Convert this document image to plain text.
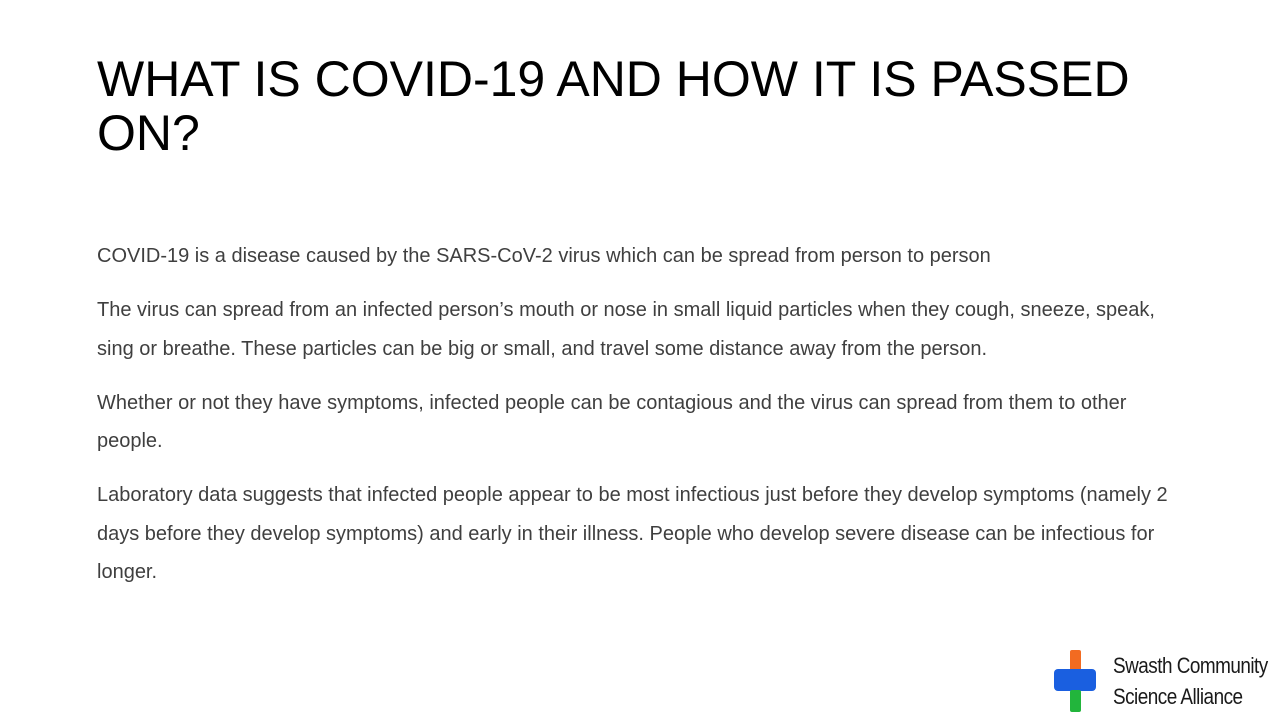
WHAT IS COVID-19 AND HOW IT IS PASSED ON?

COVID-19 is a disease caused by the SARS-CoV-2 virus which can be spread from person to person

The virus can spread from an infected person’s mouth or nose in small liquid particles when they cough, sneeze, speak, sing or breathe. These particles can be big or small, and travel some distance away from the person.

Whether or not they have symptoms, infected people can be contagious and the virus can spread from them to other people.

Laboratory data suggests that infected people appear to be most infectious just before they develop symptoms (namely 2 days before they develop symptoms) and early in their illness. People who develop severe disease can be infectious for longer.

Swasth Community
Science Alliance
